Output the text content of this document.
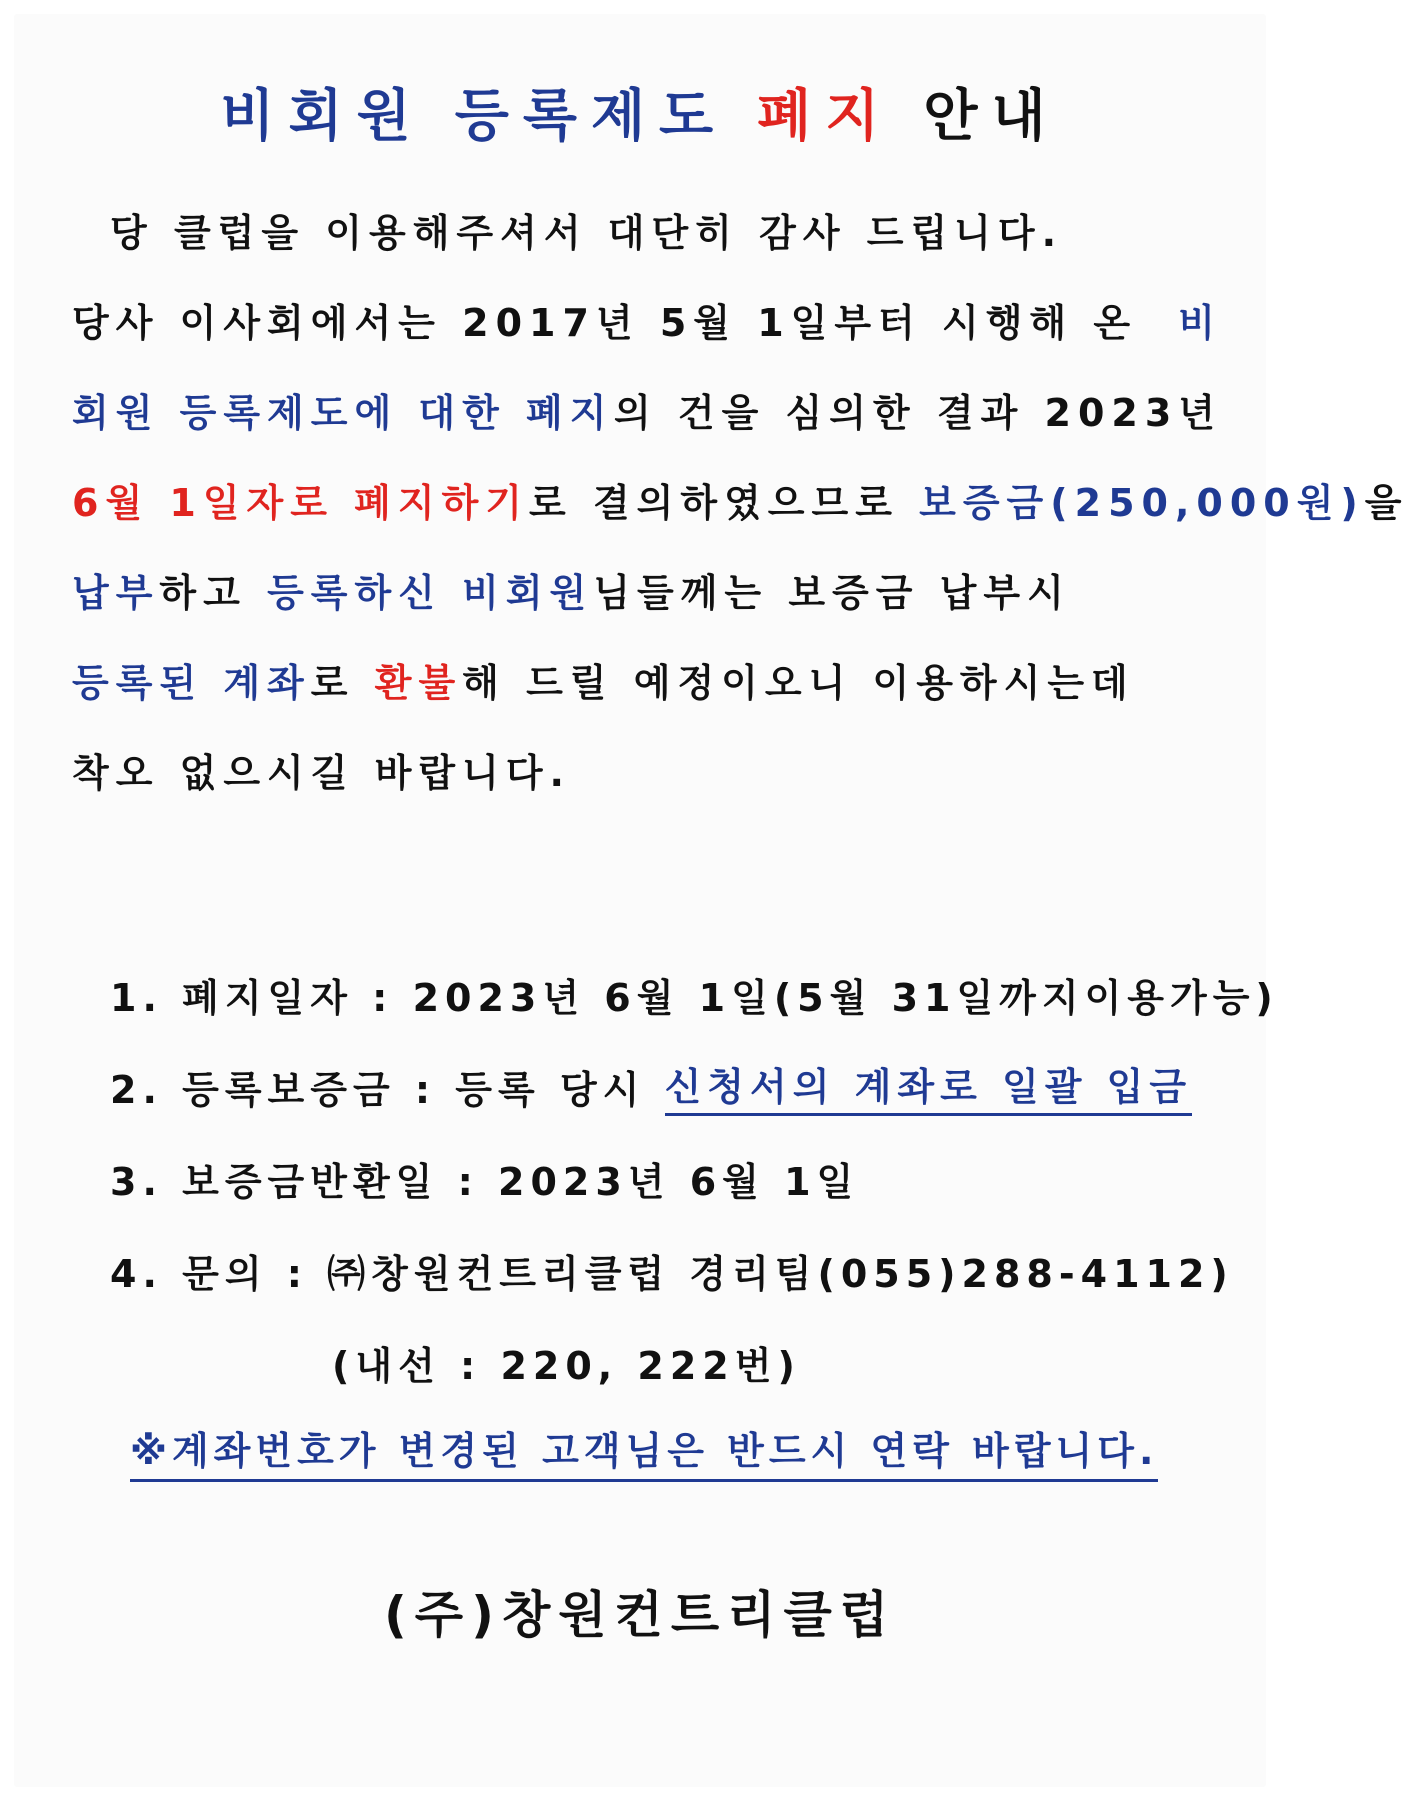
비회원 등록제도 폐지 안내
당 클럽을 이용해주셔서 대단히 감사 드립니다.
당사 이사회에서는 2017년 5월 1일부터 시행해 온 비
회원 등록제도에 대한 폐지 의 건을 심의한 결과 2023년
6월 1일자로 폐지하기 로 결의하였으므로 보증금(250,000원) 을
납부 하고 등록하신 비회원 님들께는 보증금 납부시
등록된 계좌 로 환불 해 드릴 예정이오니 이용하시는데
착오 없으시길 바랍니다.
1. 폐지일자 : 2023년 6월 1일(5월 31일까지이용가능)
2. 등록보증금 : 등록 당시 신청서의 계좌로 일괄 입금
3. 보증금반환일 : 2023년 6월 1일
4. 문의 : ㈜창원컨트리클럽 경리팀(055)288-4112)
(내선 : 220, 222번)
※계좌번호가 변경된 고객님은 반드시 연락 바랍니다.
(주)창원컨트리클럽
